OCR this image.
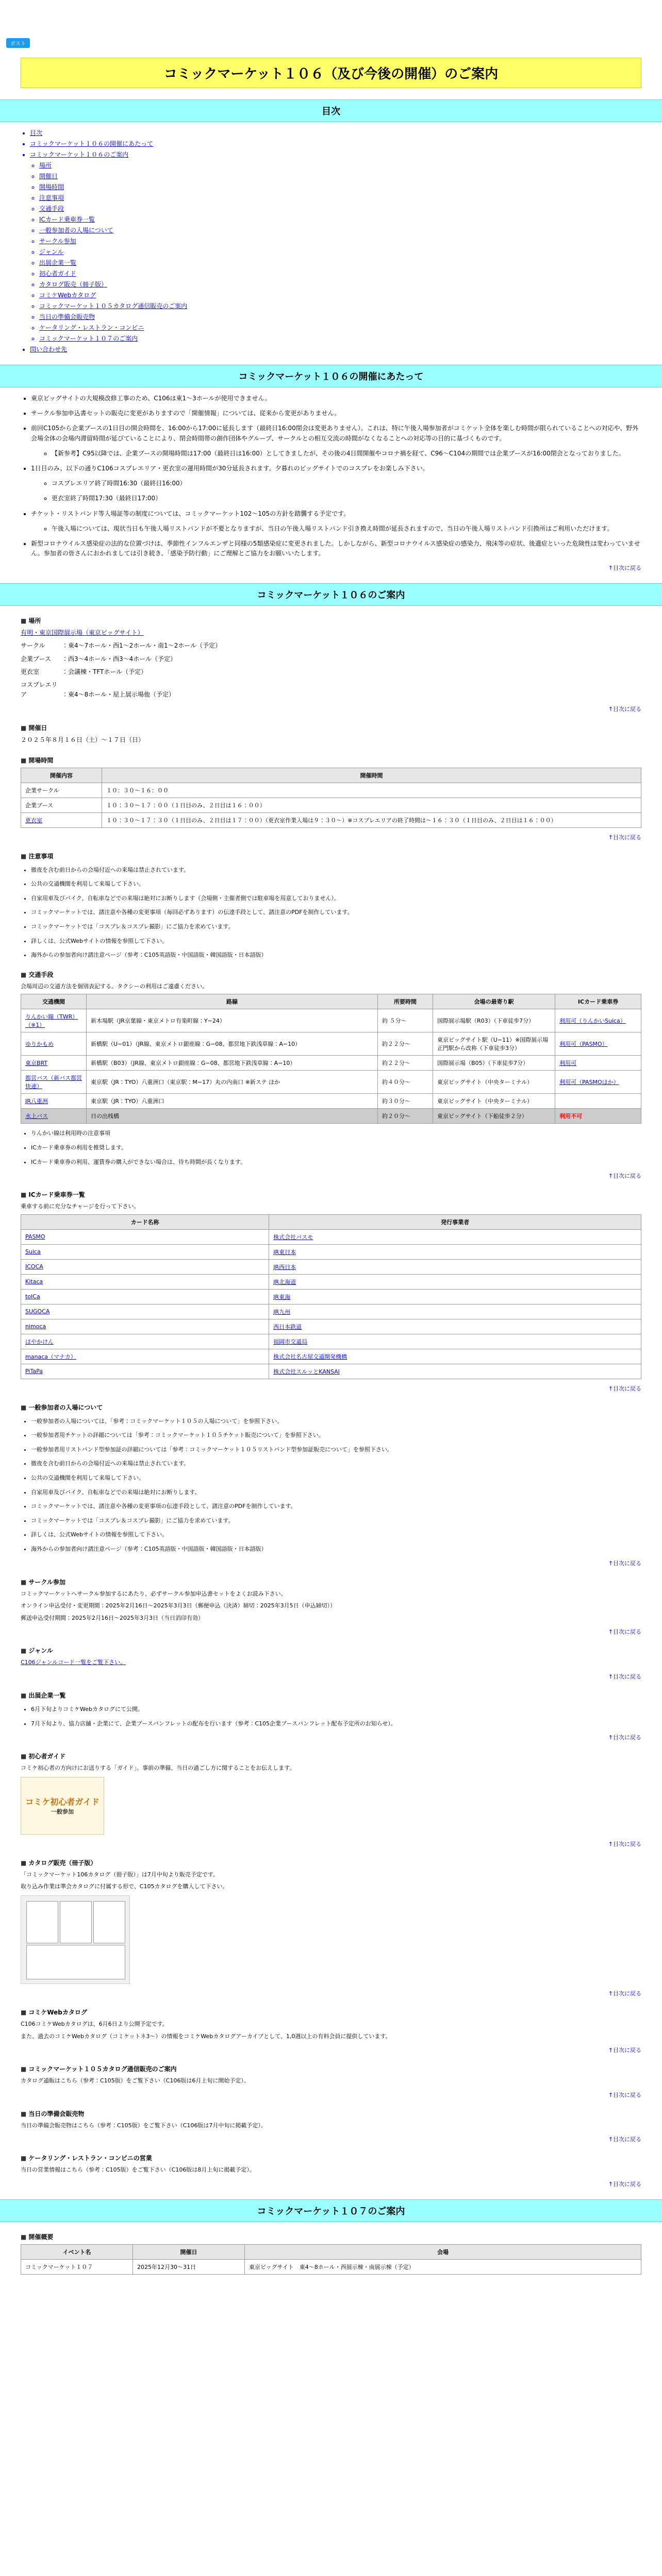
ポスト
コミックマーケット１０６（及び今後の開催）のご案内
目次
• 目次
• コミックマーケット１０６の開催にあたって
• コミックマーケット１０６のご案内
◦ 場所
◦ 開催日
◦ 開場時間
◦ 注意事項
◦ 交通手段
◦ ICカード乗車券一覧
◦ 一般参加者の入場について
◦ サークル参加
◦ ジャンル
◦ 出展企業一覧
◦ 初心者ガイド
◦ カタログ販売（冊子版）
◦ コミケWebカタログ
◦ コミックマーケット１０５カタログ通信販売のご案内
◦ 当日の準備会販売物
◦ ケータリング・レストラン・コンビニ
◦ コミックマーケット１０７のご案内
• 問い合わせ先
コミックマーケット１０６の開催にあたって
• 東京ビッグサイトの大規模改修工事のため、C106は東1〜3ホールが使用できません。
• サークル参加申込書セットの販売に変更がありますので「開催情報」については、従来から変更がありません。
• 前回C105から企業ブースの1日目の開会時間を、16:00から17:00に延長します（最終日16:00閉会は変更ありません）。これは、特に午後入場参加者がコミケット全体を楽しむ時間が限られていることへの対応や、野外会場全体の会場内滞留時間が延びていることにより、閉会時間帯の創作団体やグループ、サークルとの相互交流の時間がなくなることへの対応等の目的に基づくものです。
◦ 【新参考】C95以降では、企業ブースの開場時間は17:00（最終日は16:00）としてきましたが、その後の4日間開催やコロナ禍を経て、C96〜C104の期間では企業ブースが16:00閉会となっておりました。
• 1日目のみ、以下の通りC106コスプレエリア・更衣室の運用時間が30分延長されます。夕暮れのビッグサイトでのコスプレをお楽しみ下さい。
◦ コスプレエリア終了時間16:30（最終日16:00）
◦ 更衣室終了時間17:30（最終日17:00）
• チケット・リストバンド等入場証等の制度については、コミックマーケット102〜105の方針を踏襲する予定です。
◦ 午後入場については、現状当日も午後入場リストバンドが不要となりますが、当日の午後入場リストバンド引き換え時間が延長されますので、当日の午後入場リストバンド引換所はご利用いただけます。
• 新型コロナウイルス感染症の法的な位置づけは、季節性インフルエンザと同様の5類感染症に変更されました。しかしながら、新型コロナウイルス感染症の感染力、飛沫等の症状、後遺症といった危険性は変わっていません。参加者の皆さんにおかれましては引き続き、「感染予防行動」にご理解とご協力をお願いいたします。
↑目次に戻る
コミックマーケット１０６のご案内
■ 場所
有明・東京国際展示場（東京ビッグサイト）
サークル	：東4〜7ホール・西1〜2ホール・南1〜2ホール（予定）
企業ブース ：西3〜4ホール・西3〜4ホール（予定）
更衣室	：会議棟・TFTホール（予定）
コスプレエリア	：東4〜8ホール・屋上展示場他（予定）
↑目次に戻る
■ 開催日
２０２５年８月１６日（土）〜１７日（日）
■ 開場時間
開催内容	開催時間
企業サークル	１０：３０〜１６：００
企業ブース	１０：３０〜１７：００（１日目のみ、２日目は１６：００）
更衣室	１０：３０〜１７：３０（１日目のみ、２日目は１７：００）（更衣室作業入場は９：３０〜）※コスプレエリアの終了時間は〜１６：３０（１日目のみ、２日目は１６：００）
↑目次に戻る
■ 注意事項
• 徹夜を含む前日からの会場付近への来場は禁止されています。
• 公共の交通機関を利用して来場して下さい。
• 自家用車及びバイク、自転車などでの来場は絶対にお断りします（会場側・主催者側では駐車場を用意しておりません）。
• コミックマーケットでは、諸注意や各種の変更事項（毎回必ずあります）の伝達手段として、諸注意のPDFを制作しています。
• コミックマーケットでは「コスプレ＆コスプレ撮影」にご協力を求めています。
• 詳しくは、公式Webサイトの情報を参照して下さい。
• 海外からの参加者向け諸注意ページ（参考：C105英語版・中国語版・韓国語版・日本語版）
■ 交通手段
会場周辺の交通方法を個別表記する。タクシーの利用はご遠慮ください。
交通機関	路線	所要時間	会場の最寄り駅	ICカード乗車券
りんかい線（TWR）（※1）	新木場駅（JR京葉線・東京メトロ有楽町線：Y−24）	約 ５分〜	国際展示場駅（R03）（下車徒歩7分）	利用可（りんかいSuica）
ゆりかもめ	新橋駅（U−01）（JR線、東京メトロ銀座線：G−08、都営地下鉄浅草線：A−10）	約２２分〜	東京ビッグサイト駅（U−11）※国際展示場正門駅から改称（下車徒歩3分）	利用可（PASMO）
東京BRT	新橋駅（B03）（JR線、東京メトロ銀座線：G−08、都営地下鉄浅草線：A−10）	約２２分〜	国際展示場（B05）（下車徒歩7分）	利用可
都営バス（新バス都営快速）	東京駅（JR：TYO）八重洲口（東京駅：M−17）丸の内南口 ※新ステ ほか	約４０分〜	東京ビッグサイト（中央ターミナル）	利用可（PASMOほか）
JR八重洲	東京駅（JR：TYO）八重洲口	約３０分〜	東京ビッグサイト（中央ターミナル）	
水上バス	日の出桟橋	約２０分〜	東京ビッグサイト（下船徒歩２分）	利用不可
• りんかい線は利用時の注意事項
• ICカード乗車券の利用を推奨します。
• ICカード乗車券の利用、運賃券の購入ができない場合は、待ち時間が長くなります。
↑目次に戻る
■ ICカード乗車券一覧
乗車する前に充分なチャージを行って下さい。
カード名称	発行事業者
PASMO	株式会社パスモ
Suica	JR東日本
ICOCA	JR西日本
Kitaca	JR北海道
toICa	JR東海
SUGOCA	JR九州
nimoca	西日本鉄道
はやかけん	福岡市交通局
manaca（マナカ）	株式会社名古屋交通開発機構
PiTaPa	株式会社スルッとKANSAI
↑目次に戻る
■ 一般参加者の入場について
• 一般参加者の入場については、「参考：コミックマーケット１０５の入場について」を参照下さい。
• 一般参加者用チケットの詳細については「参考：コミックマーケット１０５チケット販売について」を参照下さい。
• 一般参加者用リストバンド型参加証の詳細については「参考：コミックマーケット１０５リストバンド型参加証販売について」を参照下さい。
• 徹夜を含む前日からの会場付近への来場は禁止されています。
• 公共の交通機関を利用して来場して下さい。
• 自家用車及びバイク、自転車などでの来場は絶対にお断りします。
• コミックマーケットでは、諸注意や各種の変更事項の伝達手段として、諸注意のPDFを制作しています。
• コミックマーケットでは「コスプレ＆コスプレ撮影」にご協力を求めています。
• 詳しくは、公式Webサイトの情報を参照して下さい。
• 海外からの参加者向け諸注意ページ（参考：C105英語版・中国語版・韓国語版・日本語版）
↑目次に戻る
■ サークル参加
コミックマーケットへサークル参加するにあたり、必ずサークル参加申込書セットをよくお読み下さい。
オンライン申込受付・変更期間：2025年2月16日〜2025年3月3日（郵便申込（決済）締切：2025年3月5日（申込締切））
郵送申込受付期間：2025年2月16日〜2025年3月3日（当日消印有効）
↑目次に戻る
■ ジャンル
C106ジャンルコード一覧をご覧下さい。
↑目次に戻る
■ 出展企業一覧
• 6月下旬よりコミケWebカタログにて公開。
• 7月下旬より、協力店舗・企業にて、企業ブースパンフレットの配布を行います（参考：C105企業ブースパンフレット配布予定所のお知らせ）。
↑目次に戻る
■ 初心者ガイド
コミケ初心者の方向けにお送りする「ガイド」。事前の準備、当日の過ごし方に関することをお伝えします。
コミケ初心者ガイド
一般参加
↑目次に戻る
■ カタログ販売（冊子版）
「コミックマーケット106カタログ（冊子版）」は7月中旬より販売予定です。
取り込み作業は準会カタログに付属する形で、C105カタログを購入して下さい。
↑目次に戻る
■ コミケWebカタログ
C106コミケWebカタログは、6月6日より公開予定です。
また、過去のコミケWebカタログ（コミケットネ3〜）の情報をコミケWebカタログアーカイブとして、1,0週以上の有料会員に提供しています。
↑目次に戻る
■ コミックマーケット１０５カタログ通信販売のご案内
カタログ通販はこちら（参考：C105版）をご覧下さい（C106版は6月上旬に開始予定）。
↑目次に戻る
■ 当日の準備会販売物
当日の準備会販売物はこちら（参考：C105版）をご覧下さい（C106版は7月中旬に掲載予定）。
↑目次に戻る
■ ケータリング・レストラン・コンビニの営業
当日の営業情報はこちら（参考：C105版）をご覧下さい（C106版は8月上旬に掲載予定）。
↑目次に戻る
コミックマーケット１０７のご案内
■ 開催概要
イベント名	開催日	会場
コミックマーケット１０７	2025年12月30〜31日	東京ビッグサイト　東4〜8ホール・西展示棟・南展示棟（予定）
